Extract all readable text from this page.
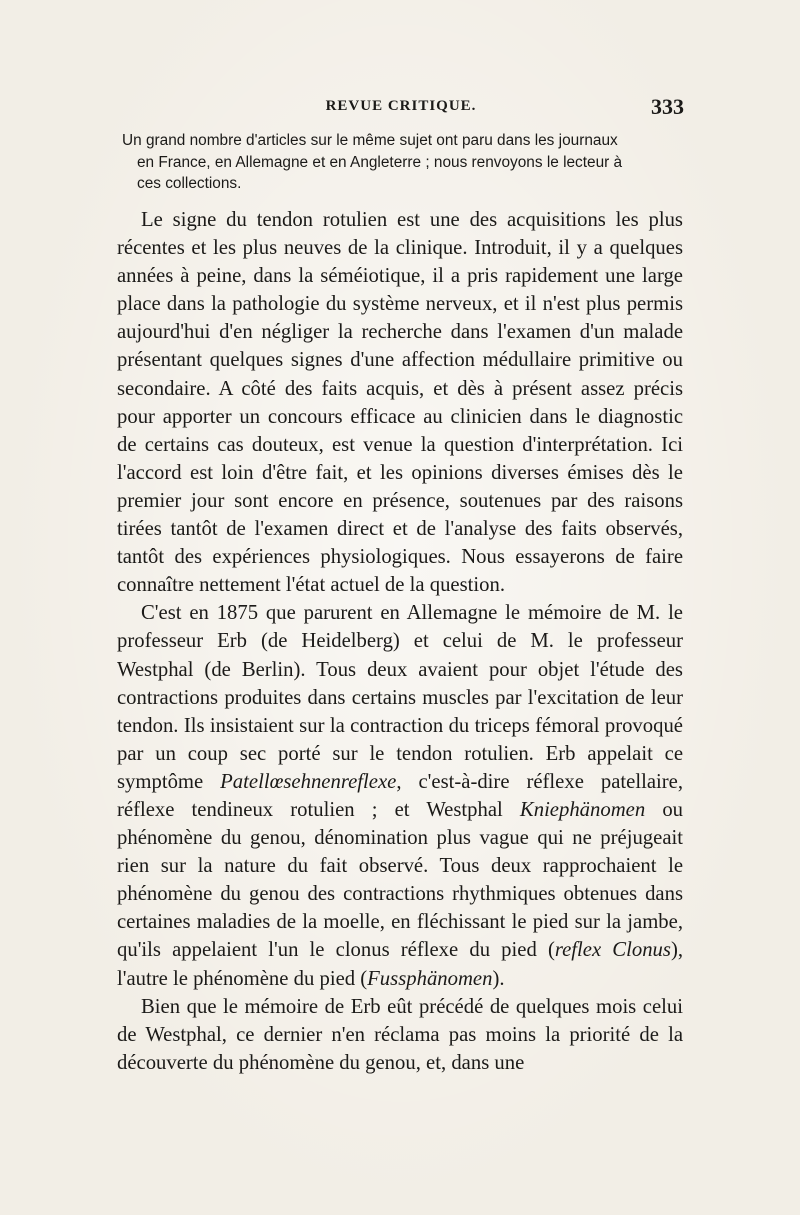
REVUE CRITIQUE.	333

Un grand nombre d'articles sur le même sujet ont paru dans les journaux

en France, en Allemagne et en Angleterre ; nous renvoyons le lecteur à

ces collections.

Le signe du tendon rotulien est une des acquisitions les plus récentes et les plus neuves de la clinique. Introduit, il y a quelques années à peine, dans la séméiotique, il a pris rapidement une large place dans la pathologie du système nerveux, et il n'est plus permis aujourd'hui d'en négliger la recherche dans l'examen d'un malade présentant quelques signes d'une affection médullaire primitive ou secondaire. A côté des faits acquis, et dès à présent assez précis pour apporter un concours efficace au clinicien dans le diagnostic de certains cas douteux, est venue la question d'interprétation. Ici l'accord est loin d'être fait, et les opinions diverses émises dès le premier jour sont encore en présence, soutenues par des raisons tirées tantôt de l'examen direct et de l'analyse des faits observés, tantôt des expériences physiologiques. Nous essayerons de faire connaître nettement l'état actuel de la question.

C'est en 1875 que parurent en Allemagne le mémoire de M. le professeur Erb (de Heidelberg) et celui de M. le professeur Westphal (de Berlin). Tous deux avaient pour objet l'étude des contractions produites dans certains muscles par l'excitation de leur tendon. Ils insistaient sur la contraction du triceps fémoral provoqué par un coup sec porté sur le tendon rotulien. Erb appelait ce symptôme Patellœsehnenreflexe, c'est-à-dire réflexe patellaire, réflexe tendineux rotulien ; et Westphal Kniephänomen ou phénomène du genou, dénomination plus vague qui ne préjugeait rien sur la nature du fait observé. Tous deux rapprochaient le phénomène du genou des contractions rhythmiques obtenues dans certaines maladies de la moelle, en fléchissant le pied sur la jambe, qu'ils appelaient l'un le clonus réflexe du pied (reflex Clonus), l'autre le phénomène du pied (Fussphänomen).

Bien que le mémoire de Erb eût précédé de quelques mois celui de Westphal, ce dernier n'en réclama pas moins la priorité de la découverte du phénomène du genou, et, dans une
